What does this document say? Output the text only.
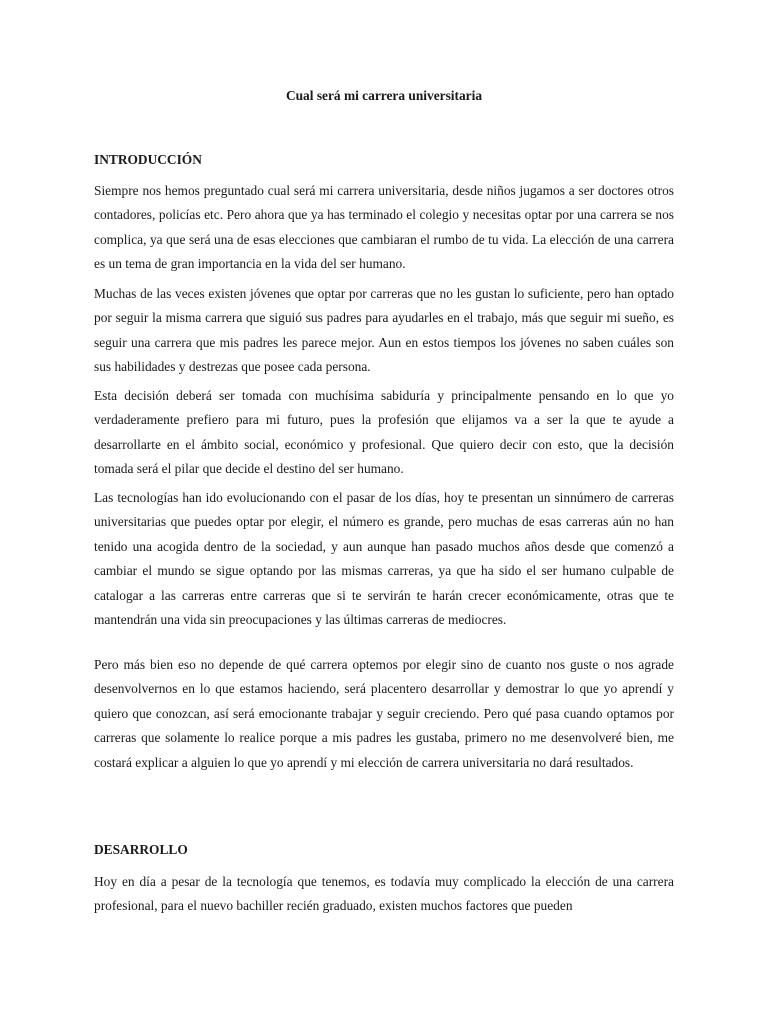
Cual será mi carrera universitaria
INTRODUCCIÓN

Siempre nos hemos preguntado cual será mi carrera universitaria, desde niños jugamos a ser doctores otros contadores, policías etc. Pero ahora que ya has terminado el colegio y necesitas optar por una carrera se nos complica, ya que será una de esas elecciones que cambiaran el rumbo de tu vida. La elección de una carrera es un tema de gran importancia en la vida del ser humano.

Muchas de las veces existen jóvenes que optar por carreras que no les gustan lo suficiente, pero han optado por seguir la misma carrera que siguió sus padres para ayudarles en el trabajo, más que seguir mi sueño, es seguir una carrera que mis padres les parece mejor. Aun en estos tiempos los jóvenes no saben cuáles son sus habilidades y destrezas que posee cada persona.

Esta decisión deberá ser tomada con muchísima sabiduría y principalmente pensando en lo que yo verdaderamente prefiero para mi futuro, pues la profesión que elijamos va a ser la que te ayude a desarrollarte en el ámbito social, económico y profesional. Que quiero decir con esto, que la decisión tomada será el pilar que decide el destino del ser humano.

Las tecnologías han ido evolucionando con el pasar de los días, hoy te presentan un sinnúmero de carreras universitarias que puedes optar por elegir, el número es grande, pero muchas de esas carreras aún no han tenido una acogida dentro de la sociedad, y aun aunque han pasado muchos años desde que comenzó a cambiar el mundo se sigue optando por las mismas carreras, ya que ha sido el ser humano culpable de catalogar a las carreras entre carreras que si te servirán te harán crecer económicamente, otras que te mantendrán una vida sin preocupaciones y las últimas carreras de mediocres.

Pero más bien eso no depende de qué carrera optemos por elegir sino de cuanto nos guste o nos agrade desenvolvernos en lo que estamos haciendo, será placentero desarrollar y demostrar lo que yo aprendí y quiero que conozcan, así será emocionante trabajar y seguir creciendo. Pero qué pasa cuando optamos por carreras que solamente lo realice porque a mis padres les gustaba, primero no me desenvolveré bien, me costará explicar a alguien lo que yo aprendí y mi elección de carrera universitaria no dará resultados.

DESARROLLO

Hoy en día a pesar de la tecnología que tenemos, es todavía muy complicado la elección de una carrera profesional, para el nuevo bachiller recién graduado, existen muchos factores que pueden
